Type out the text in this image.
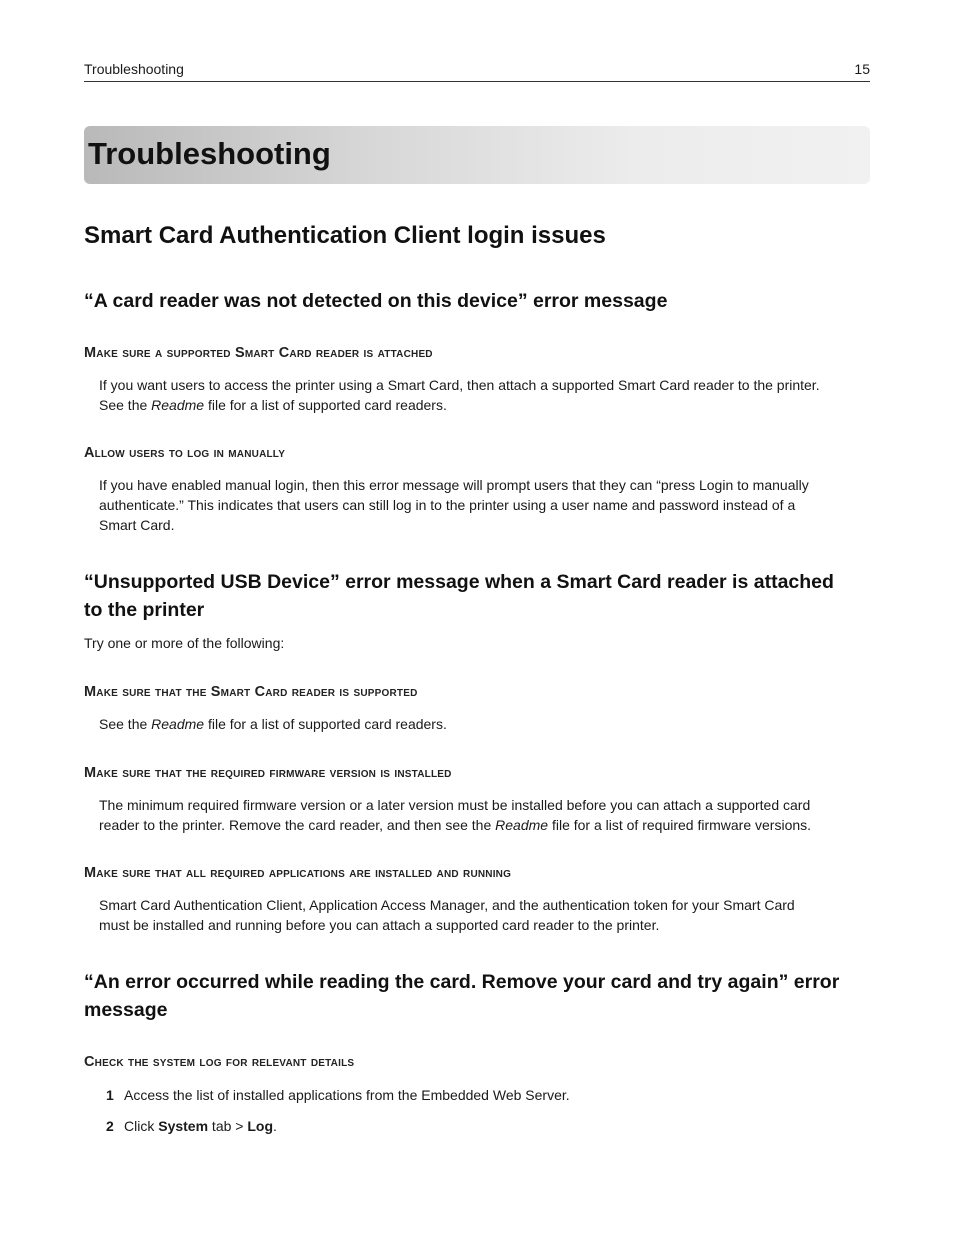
Troubleshooting	15
Troubleshooting
Smart Card Authentication Client login issues
“A card reader was not detected on this device” error message
Make sure a supported Smart Card reader is attached

If you want users to access the printer using a Smart Card, then attach a supported Smart Card reader to the printer.

See the Readme file for a list of supported card readers.

Allow users to log in manually

If you have enabled manual login, then this error message will prompt users that they can “press Login to manually

authenticate.” This indicates that users can still log in to the printer using a user name and password instead of a

Smart Card.

“Unsupported USB Device” error message when a Smart Card reader is attached
to the printer

Try one or more of the following:

Make sure that the Smart Card reader is supported

See the Readme file for a list of supported card readers.

Make sure that the required firmware version is installed

The minimum required firmware version or a later version must be installed before you can attach a supported card

reader to the printer. Remove the card reader, and then see the Readme file for a list of required firmware versions.

Make sure that all required applications are installed and running

Smart Card Authentication Client, Application Access Manager, and the authentication token for your Smart Card

must be installed and running before you can attach a supported card reader to the printer.

“An error occurred while reading the card. Remove your card and try again” error
message
Check the system log for relevant details
1 Access the list of installed applications from the Embedded Web Server.
2 Click System tab > Log.
